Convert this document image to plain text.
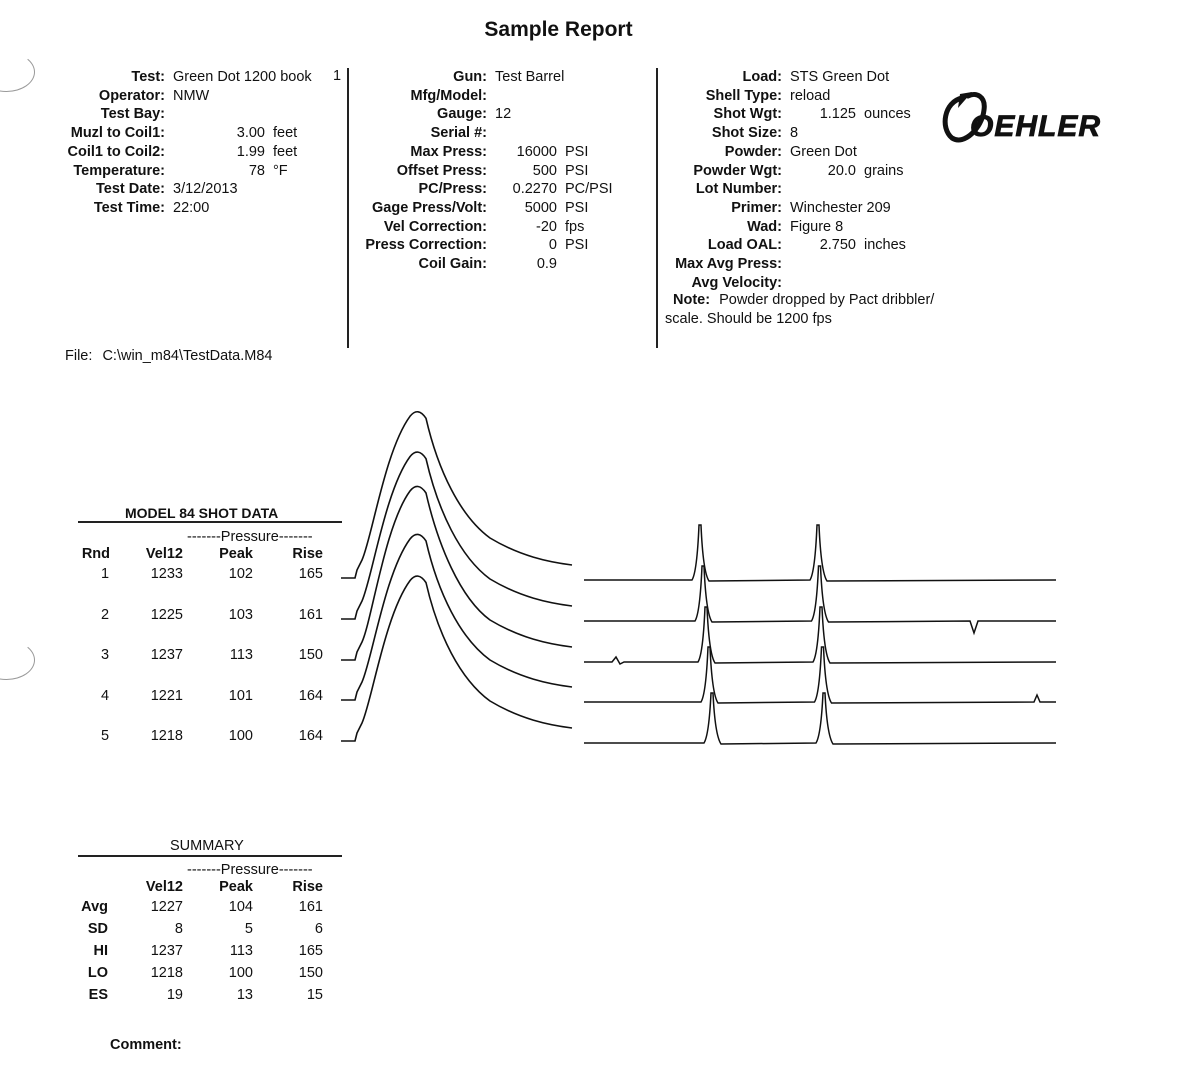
Sample Report
1
Test: Green Dot 1200 book
Operator: NMW
Test Bay:
Muzl to Coil1:	3.00 feet
Coil1 to Coil2:	1.99 feet
Temperature:	78 °F
Test Date: 3/12/2013
Test Time: 22:00
Gun: Test Barrel
Mfg/Model:
Gauge: 12
Serial #:
Max Press: 16000 PSI
Offset Press:	500 PSI
PC/Press: 0.2270 PC/PSI
Gage Press/Volt:	5000 PSI
Vel Correction:	-20 fps
Press Correction:	0 PSI
Coil Gain:	0.9
Load: STS Green Dot
Shell Type: reload
Shot Wgt:	1.125 ounces
Shot Size: 8
Powder: Green Dot
Powder Wgt:	20.0 grains
Lot Number:
Primer: Winchester 209
Wad: Figure 8
Load OAL:	2.750 inches
Max Avg Press:
Avg Velocity:
Note: Powder dropped by Pact dribbler/
scale. Should be 1200 fps
OEHLER
File: C:\win_m84\TestData.M84
MODEL 84 SHOT DATA
-------Pressure-------
Rnd	Vel12	Peak	Rise
1	1233	102	165
2	1225	103	161
3	1237	113	150
4	1221	101	164
5	1218	100	164
SUMMARY
-------Pressure-------
Vel12	Peak	Rise
Avg	1227	104	161
SD	8	5	6
HI	1237	113	165
LO	1218	100	150
ES	19	13	15
Comment:
